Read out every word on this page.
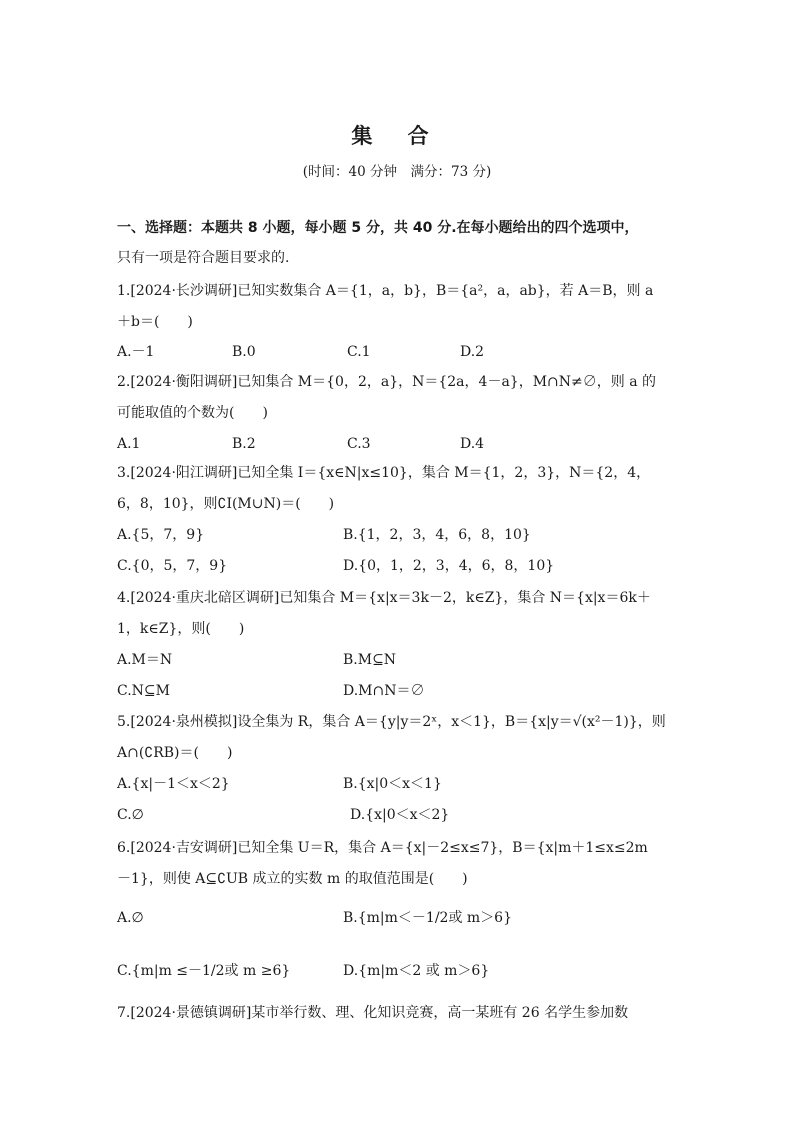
集 合
(时间：40 分钟　满分：73 分)
一、选择题：本题共 8 小题，每小题 5 分，共 40 分.在每小题给出的四个选项中，
只有一项是符合题目要求的.
1.[2024·长沙调研]已知实数集合 A＝{1，a，b}，B＝{a²，a，ab}，若 A＝B，则 a
＋b＝(　　)
A.－1	B.0	C.1	D.2
2.[2024·衡阳调研]已知集合 M＝{0，2，a}，N＝{2a，4－a}，M∩N≠∅，则 a 的
可能取值的个数为(　　)
A.1	B.2	C.3	D.4
3.[2024·阳江调研]已知全集 I＝{x∈N|x≤10}，集合 M＝{1，2，3}，N＝{2，4，
6，8，10}，则∁I(M∪N)＝(　　)
A.{5，7，9}	B.{1，2，3，4，6，8，10}
C.{0，5，7，9}	D.{0，1，2，3，4，6，8，10}
4.[2024·重庆北碚区调研]已知集合 M＝{x|x＝3k－2，k∈Z}，集合 N＝{x|x＝6k＋
1，k∈Z}，则(　　)
A.M＝N	B.M⊆N
C.N⊆M	D.M∩N＝∅
5.[2024·泉州模拟]设全集为 R，集合 A＝{y|y＝2ˣ，x＜1}，B＝{x|y＝√(x²－1)}，则
A∩(∁RB)＝(　　)
A.{x|－1＜x＜2}	B.{x|0＜x＜1}
C.∅	D.{x|0＜x＜2}
6.[2024·吉安调研]已知全集 U＝R，集合 A＝{x|－2≤x≤7}，B＝{x|m＋1≤x≤2m
－1}，则使 A⊆∁UB 成立的实数 m 的取值范围是(　　)
A.∅	B.{m|m＜－1/2或 m＞6}
C.{m|m ≤－1/2或 m ≥6}	D.{m|m＜2 或 m＞6}
7.[2024·景德镇调研]某市举行数、理、化知识竞赛，高一某班有 26 名学生参加数
